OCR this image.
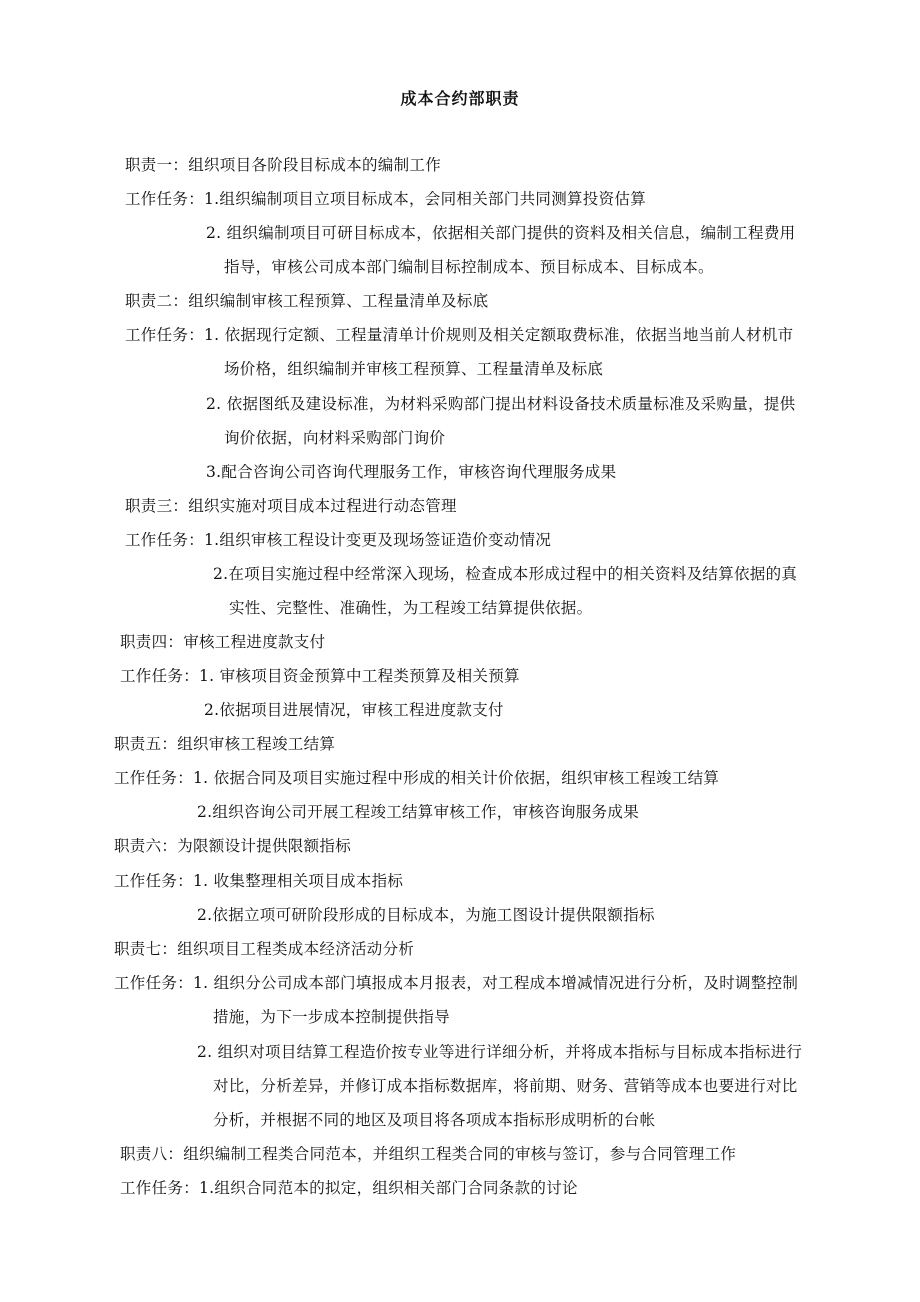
成本合约部职责
职责一：组织项目各阶段目标成本的编制工作
工作任务：1.组织编制项目立项目标成本，会同相关部门共同测算投资估算
2. 组织编制项目可研目标成本，依据相关部门提供的资料及相关信息，编制工程费用
指导，审核公司成本部门编制目标控制成本、预目标成本、目标成本。
职责二：组织编制审核工程预算、工程量清单及标底
工作任务：1. 依据现行定额、工程量清单计价规则及相关定额取费标准，依据当地当前人材机市
场价格，组织编制并审核工程预算、工程量清单及标底
2. 依据图纸及建设标准，为材料采购部门提出材料设备技术质量标准及采购量，提供
询价依据，向材料采购部门询价
3.配合咨询公司咨询代理服务工作，审核咨询代理服务成果
职责三：组织实施对项目成本过程进行动态管理
工作任务：1.组织审核工程设计变更及现场签证造价变动情况
2.在项目实施过程中经常深入现场，检查成本形成过程中的相关资料及结算依据的真
实性、完整性、准确性，为工程竣工结算提供依据。
职责四：审核工程进度款支付
工作任务：1. 审核项目资金预算中工程类预算及相关预算
2.依据项目进展情况，审核工程进度款支付
职责五：组织审核工程竣工结算
工作任务：1. 依据合同及项目实施过程中形成的相关计价依据，组织审核工程竣工结算
2.组织咨询公司开展工程竣工结算审核工作，审核咨询服务成果
职责六：为限额设计提供限额指标
工作任务：1. 收集整理相关项目成本指标
2.依据立项可研阶段形成的目标成本，为施工图设计提供限额指标
职责七：组织项目工程类成本经济活动分析
工作任务：1. 组织分公司成本部门填报成本月报表，对工程成本增减情况进行分析，及时调整控制
措施，为下一步成本控制提供指导
2. 组织对项目结算工程造价按专业等进行详细分析，并将成本指标与目标成本指标进行
对比，分析差异，并修订成本指标数据库，将前期、财务、营销等成本也要进行对比
分析，并根据不同的地区及项目将各项成本指标形成明析的台帐
职责八：组织编制工程类合同范本，并组织工程类合同的审核与签订，参与合同管理工作
工作任务：1.组织合同范本的拟定，组织相关部门合同条款的讨论
